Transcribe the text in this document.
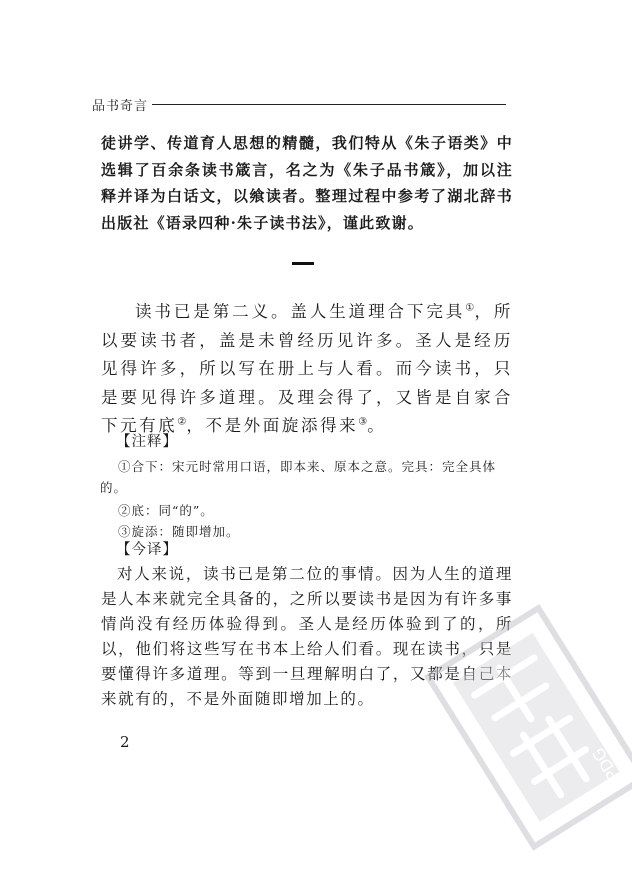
品书奇言
徒讲学、传道育人思想的精髓，我们特从《朱子语类》中选辑了百余条读书箴言，名之为《朱子品书箴》，加以注释并译为白话文，以飨读者。整理过程中参考了湖北辞书出版社《语录四种·朱子读书法》，谨此致谢。
读书已是第二义。盖人生道理合下完具①，所以要读书者，盖是未曾经历见许多。圣人是经历见得许多，所以写在册上与人看。而今读书，只是要见得许多道理。及理会得了，又皆是自家合下元有底②，不是外面旋添得来③。
【注释】
①合下：宋元时常用口语，即本来、原本之意。完具：完全具体
的。
②底：同“的”。
③旋添：随即增加。
【今译】
对人来说，读书已是第二位的事情。因为人生的道理是人本来就完全具备的，之所以要读书是因为有许多事情尚没有经历体验得到。圣人是经历体验到了的，所以，他们将这些写在书本上给人们看。现在读书，只是要懂得许多道理。等到一旦理解明白了，又都是自己本来就有的，不是外面随即增加上的。
2
PDG
